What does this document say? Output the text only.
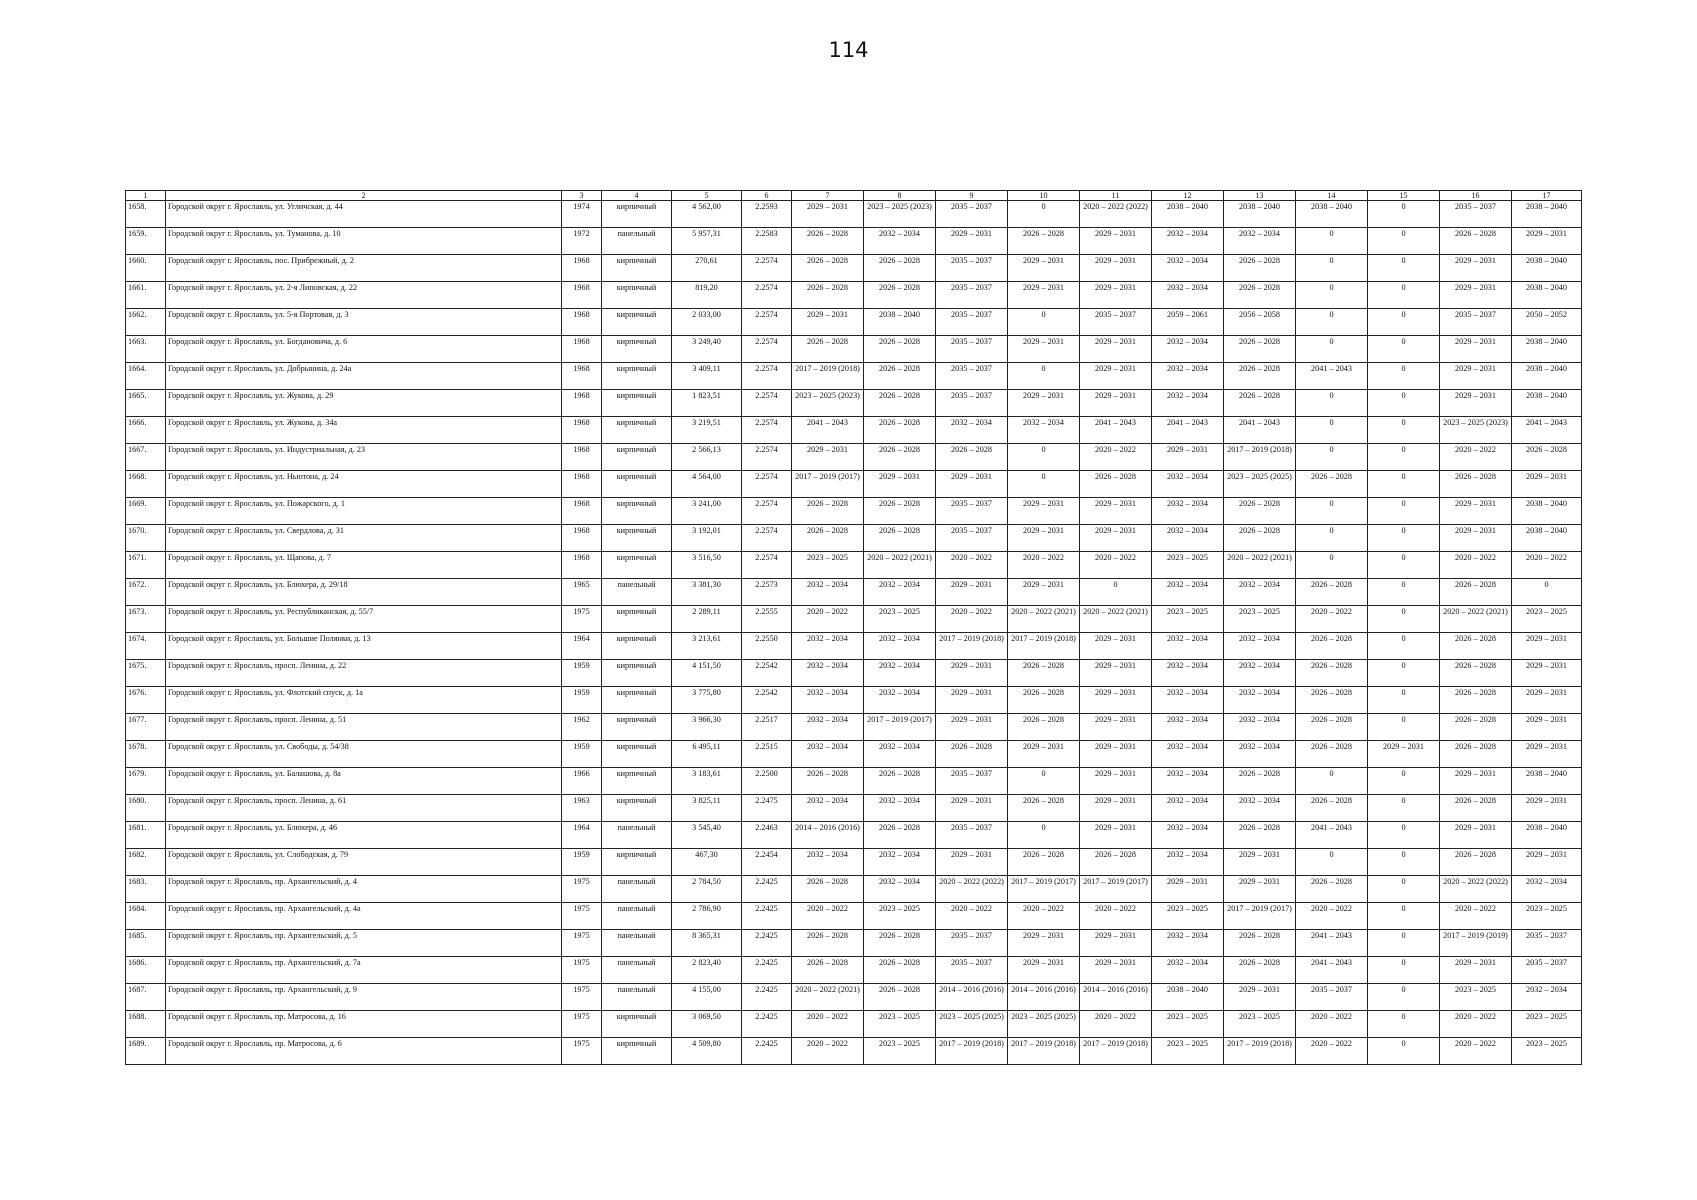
114
1	2	3	4	5	6	7	8	9	10	11	12	13	14	15	16	17
1658.	Городской округ г. Ярославль, ул. Угличская, д. 44	1974	кирпичный	4 562,00	2.2593	2029 – 2031	2023 – 2025 (2023)	2035 – 2037	0	2020 – 2022 (2022)	2038 – 2040	2038 – 2040	2038 – 2040	0	2035 – 2037	2038 – 2040
1659.	Городской округ г. Ярославль, ул. Туманова, д. 10	1972	панельный	5 957,31	2.2583	2026 – 2028	2032 – 2034	2029 – 2031	2026 – 2028	2029 – 2031	2032 – 2034	2032 – 2034	0	0	2026 – 2028	2029 – 2031
1660.	Городской округ г. Ярославль, пос. Прибрежный, д. 2	1968	кирпичный	270,61	2.2574	2026 – 2028	2026 – 2028	2035 – 2037	2029 – 2031	2029 – 2031	2032 – 2034	2026 – 2028	0	0	2029 – 2031	2038 – 2040
1661.	Городской округ г. Ярославль, ул. 2-я Липовская, д. 22	1968	кирпичный	819,20	2.2574	2026 – 2028	2026 – 2028	2035 – 2037	2029 – 2031	2029 – 2031	2032 – 2034	2026 – 2028	0	0	2029 – 2031	2038 – 2040
1662.	Городской округ г. Ярославль, ул. 5-я Портовая, д. 3	1968	кирпичный	2 033,00	2.2574	2029 – 2031	2038 – 2040	2035 – 2037	0	2035 – 2037	2059 – 2061	2056 – 2058	0	0	2035 – 2037	2050 – 2052
1663.	Городской округ г. Ярославль, ул. Богдановича, д. 6	1968	кирпичный	3 249,40	2.2574	2026 – 2028	2026 – 2028	2035 – 2037	2029 – 2031	2029 – 2031	2032 – 2034	2026 – 2028	0	0	2029 – 2031	2038 – 2040
1664.	Городской округ г. Ярославль, ул. Добрынина, д. 24а	1968	кирпичный	3 409,11	2.2574	2017 – 2019 (2018)	2026 – 2028	2035 – 2037	0	2029 – 2031	2032 – 2034	2026 – 2028	2041 – 2043	0	2029 – 2031	2038 – 2040
1665.	Городской округ г. Ярославль, ул. Жукова, д. 29	1968	кирпичный	1 823,51	2.2574	2023 – 2025 (2023)	2026 – 2028	2035 – 2037	2029 – 2031	2029 – 2031	2032 – 2034	2026 – 2028	0	0	2029 – 2031	2038 – 2040
1666.	Городской округ г. Ярославль, ул. Жукова, д. 34а	1968	кирпичный	3 219,51	2.2574	2041 – 2043	2026 – 2028	2032 – 2034	2032 – 2034	2041 – 2043	2041 – 2043	2041 – 2043	0	0	2023 – 2025 (2023)	2041 – 2043
1667.	Городской округ г. Ярославль, ул. Индустриальная, д. 23	1968	кирпичный	2 566,13	2.2574	2029 – 2031	2026 – 2028	2026 – 2028	0	2020 – 2022	2029 – 2031	2017 – 2019 (2018)	0	0	2020 – 2022	2026 – 2028
1668.	Городской округ г. Ярославль, ул. Ньютона, д. 24	1968	кирпичный	4 564,00	2.2574	2017 – 2019 (2017)	2029 – 2031	2029 – 2031	0	2026 – 2028	2032 – 2034	2023 – 2025 (2025)	2026 – 2028	0	2026 – 2028	2029 – 2031
1669.	Городской округ г. Ярославль, ул. Пожарского, д. 1	1968	кирпичный	3 241,00	2.2574	2026 – 2028	2026 – 2028	2035 – 2037	2029 – 2031	2029 – 2031	2032 – 2034	2026 – 2028	0	0	2029 – 2031	2038 – 2040
1670.	Городской округ г. Ярославль, ул. Свердлова, д. 31	1968	кирпичный	3 192,01	2.2574	2026 – 2028	2026 – 2028	2035 – 2037	2029 – 2031	2029 – 2031	2032 – 2034	2026 – 2028	0	0	2029 – 2031	2038 – 2040
1671.	Городской округ г. Ярославль, ул. Щапова, д. 7	1968	кирпичный	3 516,50	2.2574	2023 – 2025	2020 – 2022 (2021)	2020 – 2022	2020 – 2022	2020 – 2022	2023 – 2025	2020 – 2022 (2021)	0	0	2020 – 2022	2020 – 2022
1672.	Городской округ г. Ярославль, ул. Блюхера, д. 29/18	1965	панельный	3 381,30	2.2573	2032 – 2034	2032 – 2034	2029 – 2031	2029 – 2031	0	2032 – 2034	2032 – 2034	2026 – 2028	0	2026 – 2028	0
1673.	Городской округ г. Ярославль, ул. Республиканская, д. 55/7	1975	кирпичный	2 289,11	2.2555	2020 – 2022	2023 – 2025	2020 – 2022	2020 – 2022 (2021)	2020 – 2022 (2021)	2023 – 2025	2023 – 2025	2020 – 2022	0	2020 – 2022 (2021)	2023 – 2025
1674.	Городской округ г. Ярославль, ул. Большие Полянки, д. 13	1964	кирпичный	3 213,61	2.2550	2032 – 2034	2032 – 2034	2017 – 2019 (2018)	2017 – 2019 (2018)	2029 – 2031	2032 – 2034	2032 – 2034	2026 – 2028	0	2026 – 2028	2029 – 2031
1675.	Городской округ г. Ярославль, просп. Ленина, д. 22	1959	кирпичный	4 151,50	2.2542	2032 – 2034	2032 – 2034	2029 – 2031	2026 – 2028	2029 – 2031	2032 – 2034	2032 – 2034	2026 – 2028	0	2026 – 2028	2029 – 2031
1676.	Городской округ г. Ярославль, ул. Флотский спуск, д. 1а	1959	кирпичный	3 775,80	2.2542	2032 – 2034	2032 – 2034	2029 – 2031	2026 – 2028	2029 – 2031	2032 – 2034	2032 – 2034	2026 – 2028	0	2026 – 2028	2029 – 2031
1677.	Городской округ г. Ярославль, просп. Ленина, д. 51	1962	кирпичный	3 966,30	2.2517	2032 – 2034	2017 – 2019 (2017)	2029 – 2031	2026 – 2028	2029 – 2031	2032 – 2034	2032 – 2034	2026 – 2028	0	2026 – 2028	2029 – 2031
1678.	Городской округ г. Ярославль, ул. Свободы, д. 54/38	1959	кирпичный	6 495,11	2.2515	2032 – 2034	2032 – 2034	2026 – 2028	2029 – 2031	2029 – 2031	2032 – 2034	2032 – 2034	2026 – 2028	2029 – 2031	2026 – 2028	2029 – 2031
1679.	Городской округ г. Ярославль, ул. Балашова, д. 8а	1966	кирпичный	3 183,61	2.2500	2026 – 2028	2026 – 2028	2035 – 2037	0	2029 – 2031	2032 – 2034	2026 – 2028	0	0	2029 – 2031	2038 – 2040
1680.	Городской округ г. Ярославль, просп. Ленина, д. 61	1963	кирпичный	3 825,11	2.2475	2032 – 2034	2032 – 2034	2029 – 2031	2026 – 2028	2029 – 2031	2032 – 2034	2032 – 2034	2026 – 2028	0	2026 – 2028	2029 – 2031
1681.	Городской округ г. Ярославль, ул. Блюхера, д. 46	1964	панельный	3 545,40	2.2463	2014 – 2016 (2016)	2026 – 2028	2035 – 2037	0	2029 – 2031	2032 – 2034	2026 – 2028	2041 – 2043	0	2029 – 2031	2038 – 2040
1682.	Городской округ г. Ярославль, ул. Слободская, д. 79	1959	кирпичный	467,30	2.2454	2032 – 2034	2032 – 2034	2029 – 2031	2026 – 2028	2026 – 2028	2032 – 2034	2029 – 2031	0	0	2026 – 2028	2029 – 2031
1683.	Городской округ г. Ярославль, пр. Архангельский, д. 4	1975	панельный	2 784,50	2.2425	2026 – 2028	2032 – 2034	2020 – 2022 (2022)	2017 – 2019 (2017)	2017 – 2019 (2017)	2029 – 2031	2029 – 2031	2026 – 2028	0	2020 – 2022 (2022)	2032 – 2034
1684.	Городской округ г. Ярославль, пр. Архангельский, д. 4а	1975	панельный	2 786,90	2.2425	2020 – 2022	2023 – 2025	2020 – 2022	2020 – 2022	2020 – 2022	2023 – 2025	2017 – 2019 (2017)	2020 – 2022	0	2020 – 2022	2023 – 2025
1685.	Городской округ г. Ярославль, пр. Архангельский, д. 5	1975	панельный	8 365,31	2.2425	2026 – 2028	2026 – 2028	2035 – 2037	2029 – 2031	2029 – 2031	2032 – 2034	2026 – 2028	2041 – 2043	0	2017 – 2019 (2019)	2035 – 2037
1686.	Городской округ г. Ярославль, пр. Архангельский, д. 7а	1975	панельный	2 823,40	2.2425	2026 – 2028	2026 – 2028	2035 – 2037	2029 – 2031	2029 – 2031	2032 – 2034	2026 – 2028	2041 – 2043	0	2029 – 2031	2035 – 2037
1687.	Городской округ г. Ярославль, пр. Архангельский, д. 9	1975	панельный	4 155,00	2.2425	2020 – 2022 (2021)	2026 – 2028	2014 – 2016 (2016)	2014 – 2016 (2016)	2014 – 2016 (2016)	2038 – 2040	2029 – 2031	2035 – 2037	0	2023 – 2025	2032 – 2034
1688.	Городской округ г. Ярославль, пр. Матросова, д. 16	1975	кирпичный	3 069,50	2.2425	2020 – 2022	2023 – 2025	2023 – 2025 (2025)	2023 – 2025 (2025)	2020 – 2022	2023 – 2025	2023 – 2025	2020 – 2022	0	2020 – 2022	2023 – 2025
1689.	Городской округ г. Ярославль, пр. Матросова, д. 6	1975	кирпичный	4 509,80	2.2425	2020 – 2022	2023 – 2025	2017 – 2019 (2018)	2017 – 2019 (2018)	2017 – 2019 (2018)	2023 – 2025	2017 – 2019 (2018)	2020 – 2022	0	2020 – 2022	2023 – 2025
